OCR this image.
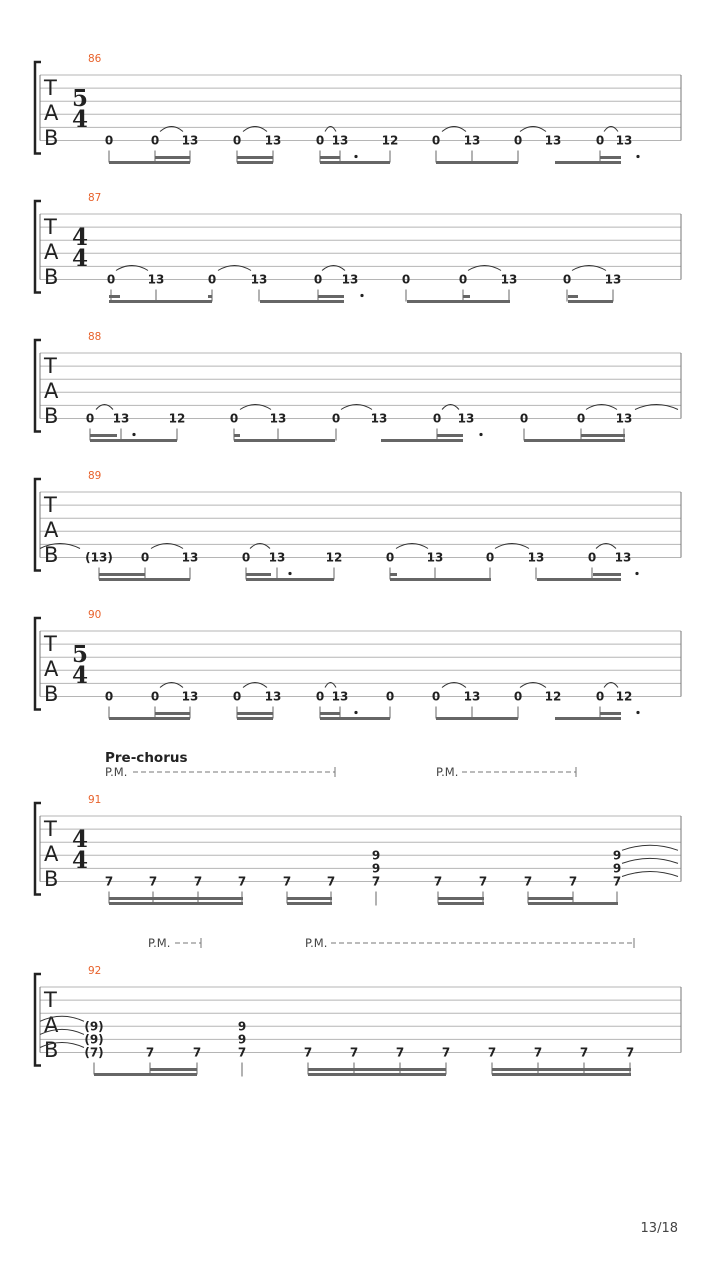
86
T
A
B
5
4
0	0 13	0 13	0 13	12	0 13	0 13	0 13
87
T
A
B
4
4
0	13	0	13	0 13	0	0	13	0	13
88
T
A
B 0 13	12	0	13	0	13	0 13	0	0	13
89
T
A
B (13) 0	13	0 13	12	0	13	0	13	0 13
90
T
A
B
5
4
0	0 13	0 13	0 13	0	0 13	0 12	0 12
91
T
A
B
4
4
Pre-chorus
P.M.	P.M.
7	7	7	7	7	7
9
9
7	7	7	7	7
9
9
7
92
T
A
B
P.M.	P.M.
(9)
(9)
(7)	7	7
9
9
7	7	7	7	7	7	7	7	7
13/18
